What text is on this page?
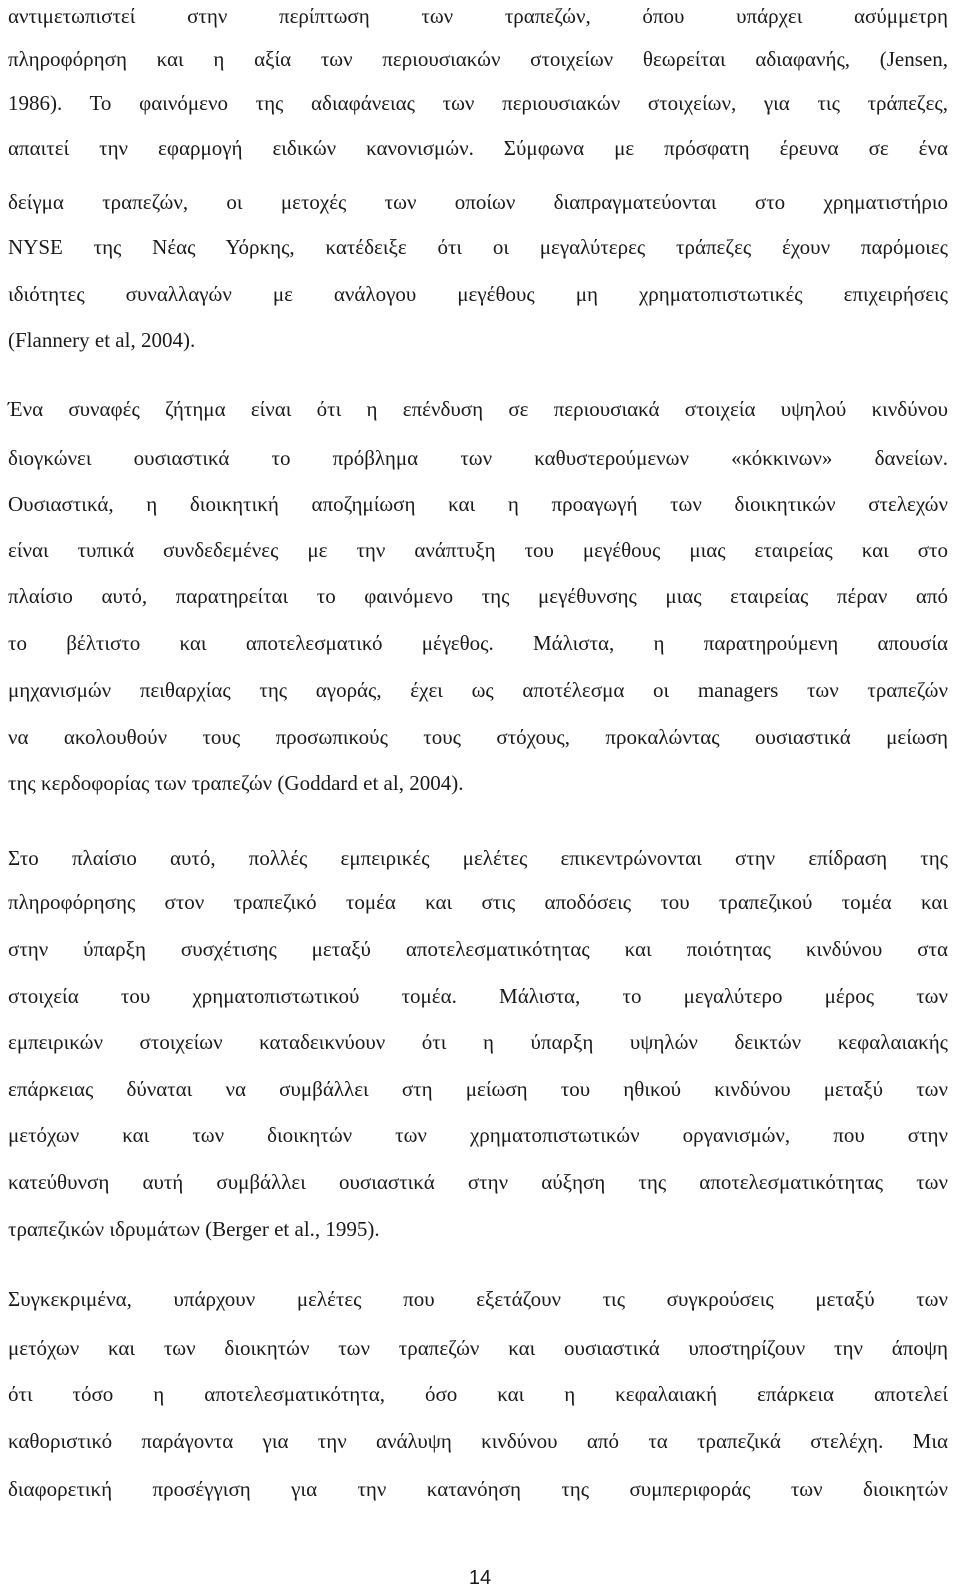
αντιμετωπιστεί στην περίπτωση των τραπεζών, όπου υπάρχει ασύμμετρη

πληροφόρηση και η αξία των περιουσιακών στοιχείων θεωρείται αδιαφανής, (Jensen,

1986). Το φαινόμενο της αδιαφάνειας των περιουσιακών στοιχείων, για τις τράπεζες,

απαιτεί την εφαρμογή ειδικών κανονισμών. Σύμφωνα με πρόσφατη έρευνα σε ένα

δείγμα τραπεζών, οι μετοχές των οποίων διαπραγματεύονται στο χρηματιστήριο

NYSE της Νέας Υόρκης, κατέδειξε ότι οι μεγαλύτερες τράπεζες έχουν παρόμοιες

ιδιότητες συναλλαγών με ανάλογου μεγέθους μη χρηματοπιστωτικές επιχειρήσεις

(Flannery et al, 2004).

Ένα συναφές ζήτημα είναι ότι η επένδυση σε περιουσιακά στοιχεία υψηλού κινδύνου

διογκώνει ουσιαστικά το πρόβλημα των καθυστερούμενων «κόκκινων» δανείων.

Ουσιαστικά, η διοικητική αποζημίωση και η προαγωγή των διοικητικών στελεχών

είναι τυπικά συνδεδεμένες με την ανάπτυξη του μεγέθους μιας εταιρείας και στο

πλαίσιο αυτό, παρατηρείται το φαινόμενο της μεγέθυνσης μιας εταιρείας πέραν από

το βέλτιστο και αποτελεσματικό μέγεθος. Μάλιστα, η παρατηρούμενη απουσία

μηχανισμών πειθαρχίας της αγοράς, έχει ως αποτέλεσμα οι managers των τραπεζών

να ακολουθούν τους προσωπικούς τους στόχους, προκαλώντας ουσιαστικά μείωση

της κερδοφορίας των τραπεζών (Goddard et al, 2004).

Στο πλαίσιο αυτό, πολλές εμπειρικές μελέτες επικεντρώνονται στην επίδραση της

πληροφόρησης στον τραπεζικό τομέα και στις αποδόσεις του τραπεζικού τομέα και

στην ύπαρξη συσχέτισης μεταξύ αποτελεσματικότητας και ποιότητας κινδύνου στα

στοιχεία του χρηματοπιστωτικού τομέα. Μάλιστα, το μεγαλύτερο μέρος των

εμπειρικών στοιχείων καταδεικνύουν ότι η ύπαρξη υψηλών δεικτών κεφαλαιακής

επάρκειας δύναται να συμβάλλει στη μείωση του ηθικού κινδύνου μεταξύ των

μετόχων και των διοικητών των χρηματοπιστωτικών οργανισμών, που στην

κατεύθυνση αυτή συμβάλλει ουσιαστικά στην αύξηση της αποτελεσματικότητας των

τραπεζικών ιδρυμάτων (Berger et al., 1995).

Συγκεκριμένα, υπάρχουν μελέτες που εξετάζουν τις συγκρούσεις μεταξύ των

μετόχων και των διοικητών των τραπεζών και ουσιαστικά υποστηρίζουν την άποψη

ότι τόσο η αποτελεσματικότητα, όσο και η κεφαλαιακή επάρκεια αποτελεί

καθοριστικό παράγοντα για την ανάλυψη κινδύνου από τα τραπεζικά στελέχη. Μια

διαφορετική προσέγγιση για την κατανόηση της συμπεριφοράς των διοικητών

14
